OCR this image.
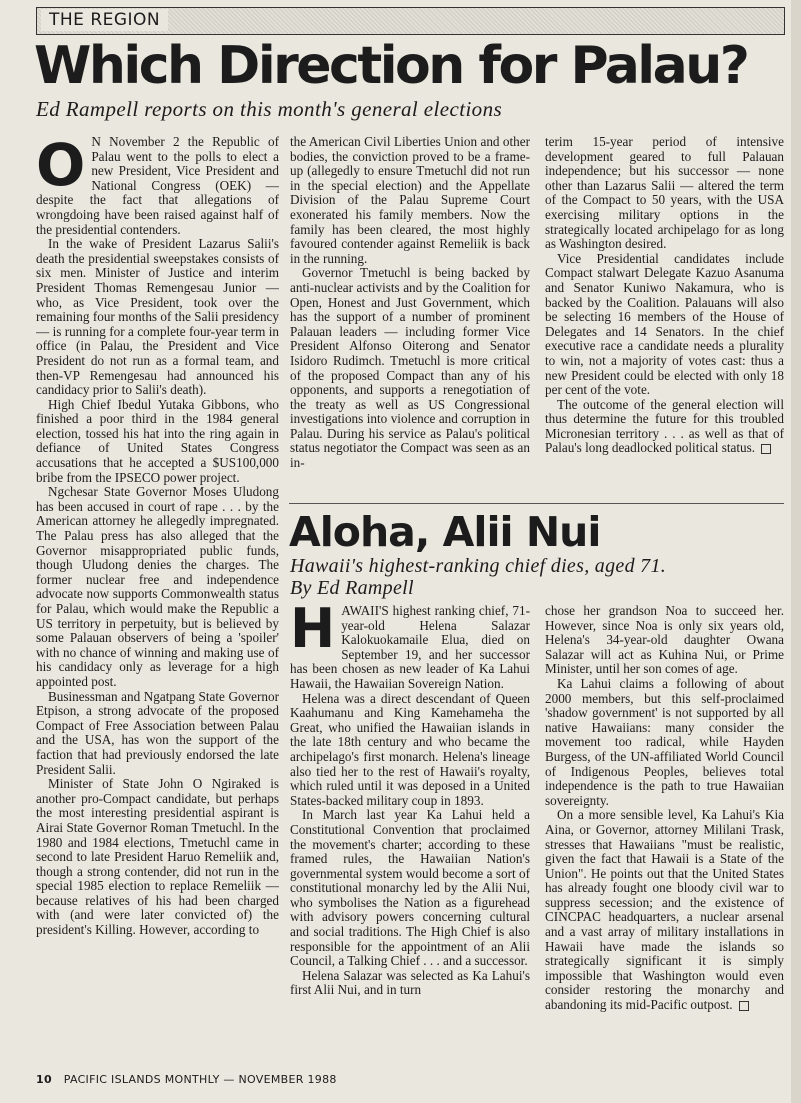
THE REGION
Which Direction for Palau?
Ed Rampell reports on this month's general elections

O N November 2 the Republic of Palau went to the polls to elect a new President, Vice President and National Congress (OEK) — despite the fact that allegations of wrongdoing have been raised against half of the presidential contenders.

In the wake of President Lazarus Salii's death the presidential sweepstakes consists of six men. Minister of Justice and interim President Thomas Remengesau Junior — who, as Vice President, took over the remaining four months of the Salii presidency — is running for a complete four-year term in office (in Palau, the President and Vice President do not run as a formal team, and then-VP Remengesau had announced his candidacy prior to Salii's death).

High Chief Ibedul Yutaka Gibbons, who finished a poor third in the 1984 general election, tossed his hat into the ring again in defiance of United States Congress accusations that he accepted a $US100,000 bribe from the IPSECO power project.

Ngchesar State Governor Moses Uludong has been accused in court of rape . . . by the American attorney he allegedly impregnated. The Palau press has also alleged that the Governor misappropriated public funds, though Uludong denies the charges. The former nuclear free and independence advocate now supports Commonwealth status for Palau, which would make the Republic a US territory in perpetuity, but is believed by some Palauan observers of being a 'spoiler' with no chance of winning and making use of his candidacy only as leverage for a high appointed post.

Businessman and Ngatpang State Governor Etpison, a strong advocate of the proposed Compact of Free Association between Palau and the USA, has won the support of the faction that had previously endorsed the late President Salii.

Minister of State John O Ngiraked is another pro-Compact candidate, but perhaps the most interesting presidential aspirant is Airai State Governor Roman Tmetuchl. In the 1980 and 1984 elections, Tmetuchl came in second to late President Haruo Remeliik and, though a strong contender, did not run in the special 1985 election to replace Remeliik — because relatives of his had been charged with (and were later convicted of) the president's Killing. However, according to

the American Civil Liberties Union and other bodies, the conviction proved to be a frame-up (allegedly to ensure Tmetuchl did not run in the special election) and the Appellate Division of the Palau Supreme Court exonerated his family members. Now the family has been cleared, the most highly favoured contender against Remeliik is back in the running.

Governor Tmetuchl is being backed by anti-nuclear activists and by the Coalition for Open, Honest and Just Government, which has the support of a number of prominent Palauan leaders — including former Vice President Alfonso Oiterong and Senator Isidoro Rudimch. Tmetuchl is more critical of the proposed Compact than any of his opponents, and supports a renegotiation of the treaty as well as US Congressional investigations into violence and corruption in Palau. During his service as Palau's political status negotiator the Compact was seen as an in-

terim 15-year period of intensive development geared to full Palauan independence; but his successor — none other than Lazarus Salii — altered the term of the Compact to 50 years, with the USA exercising military options in the strategically located archipelago for as long as Washington desired.

Vice Presidential candidates include Compact stalwart Delegate Kazuo Asanuma and Senator Kuniwo Nakamura, who is backed by the Coalition. Palauans will also be selecting 16 members of the House of Delegates and 14 Senators. In the chief executive race a candidate needs a plurality to win, not a majority of votes cast: thus a new President could be elected with only 18 per cent of the vote.

The outcome of the general election will thus determine the future for this troubled Micronesian territory . . . as well as that of Palau's long deadlocked political status.

Aloha, Alii Nui
Hawaii's highest-ranking chief dies, aged 71.
By Ed Rampell

HAWAII'S highest ranking chief, 71-year-old Helena Salazar Kalokuokamaile Elua, died on September 19, and her successor has been chosen as new leader of Ka Lahui Hawaii, the Hawaiian Sovereign Nation.

Helena was a direct descendant of Queen Kaahumanu and King Kamehameha the Great, who unified the Hawaiian islands in the late 18th century and who became the archipelago's first monarch. Helena's lineage also tied her to the rest of Hawaii's royalty, which ruled until it was deposed in a United States-backed military coup in 1893.

In March last year Ka Lahui held a Constitutional Convention that proclaimed the movement's charter; according to these framed rules, the Hawaiian Nation's governmental system would become a sort of constitutional monarchy led by the Alii Nui, who symbolises the Nation as a figurehead with advisory powers concerning cultural and social traditions. The High Chief is also responsible for the appointment of an Alii Council, a Talking Chief . . . and a successor.

Helena Salazar was selected as Ka Lahui's first Alii Nui, and in turn

chose her grandson Noa to succeed her. However, since Noa is only six years old, Helena's 34-year-old daughter Owana Salazar will act as Kuhina Nui, or Prime Minister, until her son comes of age.

Ka Lahui claims a following of about 2000 members, but this self-proclaimed 'shadow government' is not supported by all native Hawaiians: many consider the movement too radical, while Hayden Burgess, of the UN-affiliated World Council of Indigenous Peoples, believes total independence is the path to true Hawaiian sovereignty.

On a more sensible level, Ka Lahui's Kia Aina, or Governor, attorney Mililani Trask, stresses that Hawaiians "must be realistic, given the fact that Hawaii is a State of the Union". He points out that the United States has already fought one bloody civil war to suppress secession; and the existence of CINCPAC headquarters, a nuclear arsenal and a vast array of military installations in Hawaii have made the islands so strategically significant it is simply impossible that Washington would even consider restoring the monarchy and abandoning its mid-Pacific outpost.

10 PACIFIC ISLANDS MONTHLY — NOVEMBER 1988
